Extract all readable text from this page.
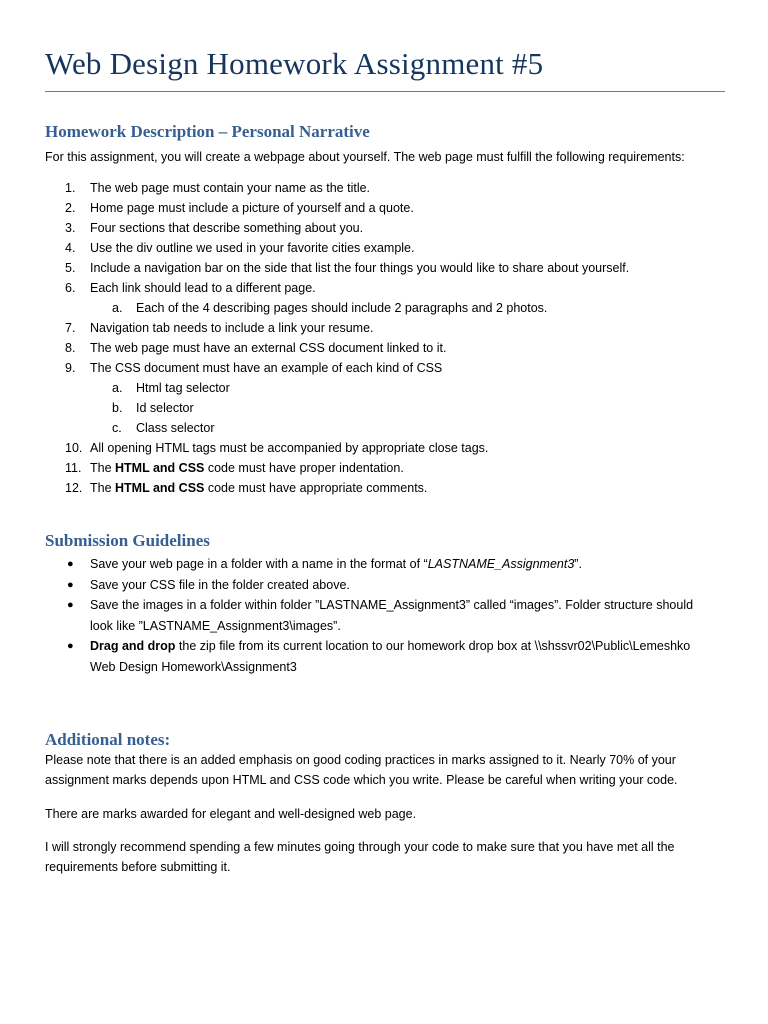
Web Design Homework Assignment #5
Homework Description – Personal Narrative
For this assignment, you will create a webpage about yourself. The web page must fulfill the following requirements:
1.	The web page must contain your name as the title.
2.	Home page must include a picture of yourself and a quote.
3.	Four sections that describe something about you.
4.	Use the div outline we used in your favorite cities example.
5.	Include a navigation bar on the side that list the four things you would like to share about yourself.
6.	Each link should lead to a different page.
a.	Each of the 4 describing pages should include 2 paragraphs and 2 photos.
7.	Navigation tab needs to include a link your resume.
8.	The web page must have an external CSS document linked to it.
9.	The CSS document must have an example of each kind of CSS
a.	Html tag selector
b.	Id selector
c.	Class selector
10. All opening HTML tags must be accompanied by appropriate close tags.
11. The HTML and CSS code must have proper indentation.
12. The HTML and CSS code must have appropriate comments.
Submission Guidelines
● Save your web page in a folder with a name in the format of “LASTNAME_Assignment3”.
● Save your CSS file in the folder created above.
● Save the images in a folder within folder ”LASTNAME_Assignment3” called “images”. Folder structure should
look like ”LASTNAME_Assignment3\images”.
● Drag and drop the zip file from its current location to our homework drop box at \\shssvr02\Public\Lemeshko
Web Design Homework\Assignment3
Additional notes:
Please note that there is an added emphasis on good coding practices in marks assigned to it. Nearly 70% of your
assignment marks depends upon HTML and CSS code which you write. Please be careful when writing your code.
There are marks awarded for elegant and well-designed web page.
I will strongly recommend spending a few minutes going through your code to make sure that you have met all the
requirements before submitting it.
